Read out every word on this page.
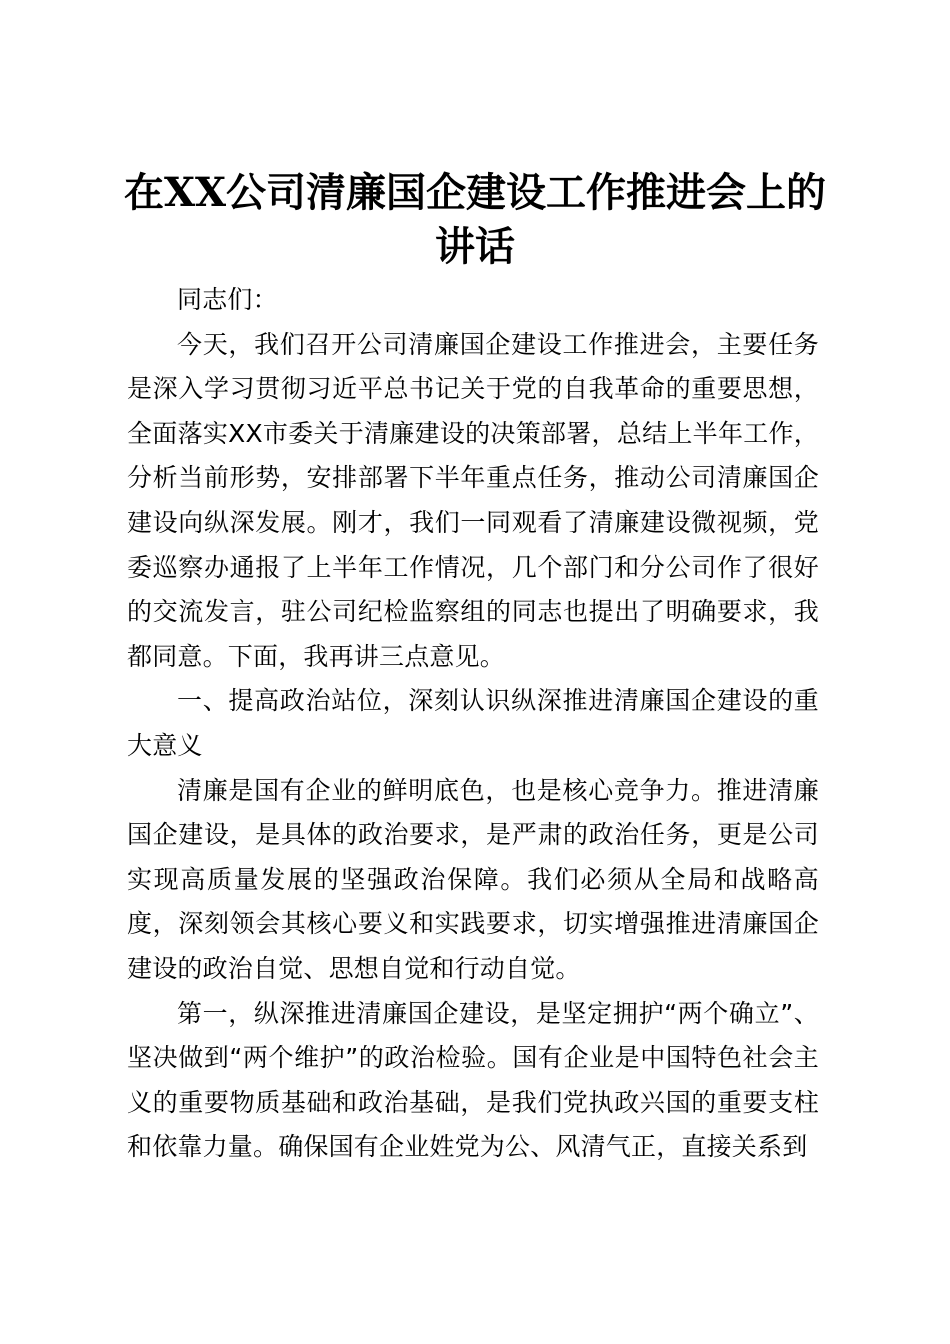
在XX公司清廉国企建设工作推进会上的讲话

同志们：

今天，我们召开公司清廉国企建设工作推进会，主要任务是深入学习贯彻习近平总书记关于党的自我革命的重要思想，全面落实XX市委关于清廉建设的决策部署，总结上半年工作，分析当前形势，安排部署下半年重点任务，推动公司清廉国企建设向纵深发展。刚才，我们一同观看了清廉建设微视频，党委巡察办通报了上半年工作情况，几个部门和分公司作了很好的交流发言，驻公司纪检监察组的同志也提出了明确要求，我都同意。下面，我再讲三点意见。

一、提高政治站位，深刻认识纵深推进清廉国企建设的重大意义

清廉是国有企业的鲜明底色，也是核心竞争力。推进清廉国企建设，是具体的政治要求，是严肃的政治任务，更是公司实现高质量发展的坚强政治保障。我们必须从全局和战略高度，深刻领会其核心要义和实践要求，切实增强推进清廉国企建设的政治自觉、思想自觉和行动自觉。

第一，纵深推进清廉国企建设，是坚定拥护“两个确立”、坚决做到“两个维护”的政治检验。国有企业是中国特色社会主义的重要物质基础和政治基础，是我们党执政兴国的重要支柱和依靠力量。确保国有企业姓党为公、风清气正，直接关系到
